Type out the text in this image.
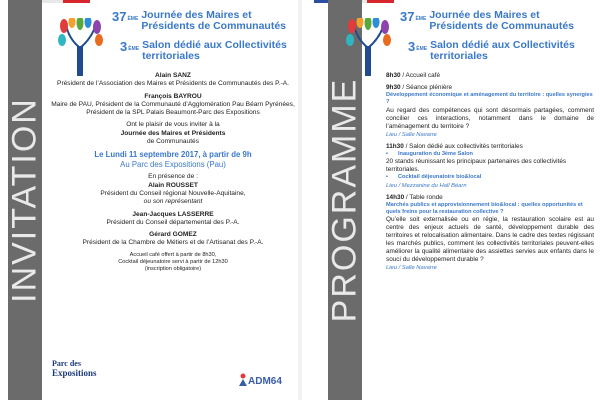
INVITATION
37 ÈME Journée des Maires et Présidents de Communautés
3 ÈME Salon dédié aux Collectivités territoriales

Alain SANZ

Président de l’Association des Maires et Présidents de Communautés des P.-A.

François BAYROU

Maire de PAU, Président de la Communauté d’Agglomération Pau Béarn Pyrénées, Président de la SPL Palais Beaumont-Parc des Expositions

Ont le plaisir de vous inviter à la

Journée des Maires et Présidents

de Communautés

Le Lundi 11 septembre 2017, à partir de 9h

Au Parc des Expositions (Pau)

En présence de :

Alain ROUSSET

Président du Conseil régional Nouvelle-Aquitaine,

ou son représentant

Jean-Jacques LASSERRE

Président du Conseil départemental des P.-A.

Gérard GOMEZ

Président de la Chambre de Métiers et de l’Artisanat des P.-A.

Accueil café offert à partir de 8h30,

Cocktail déjeunatoire servi à partir de 12h30

(inscription obligatoire)

Parc des
Expositions
ADM64
PROGRAMME
37 ÈME Journée des Maires et Présidents de Communautés
3 ÈME Salon dédié aux Collectivités territoriales

8h30 / Accueil café

9h30 / Séance plénière

Développement économique et aménagement du territoire : quelles synergies ?

Au regard des compétences qui sont désormais partagées, comment concilier ces interactions, notamment dans le domaine de l’aménagement du territoire ?

Lieu / Salle Navarre

11h30 / Salon dédié aux collectivités territoriales

▪ Inauguration du 3ème Salon

20 stands réunissant les principaux partenaires des collectivités territoriales.

▪ Cocktail déjeunatoire bio&local

Lieu / Mezzanine du Hall Béarn

14h30 / Table ronde

Marchés publics et approvisionnement bio&local : quelles opportunités et quels freins pour la restauration collective ?

Qu’elle soit externalisée ou en régie, la restauration scolaire est au centre des enjeux actuels de santé, développement durable des territoires et relocalisation alimentaire. Dans le cadre des textes régissant les marchés publics, comment les collectivités territoriales peuvent-elles améliorer la qualité alimentaire des assiettes servies aux enfants dans le souci du développement durable ?

Lieu / Salle Navarre
